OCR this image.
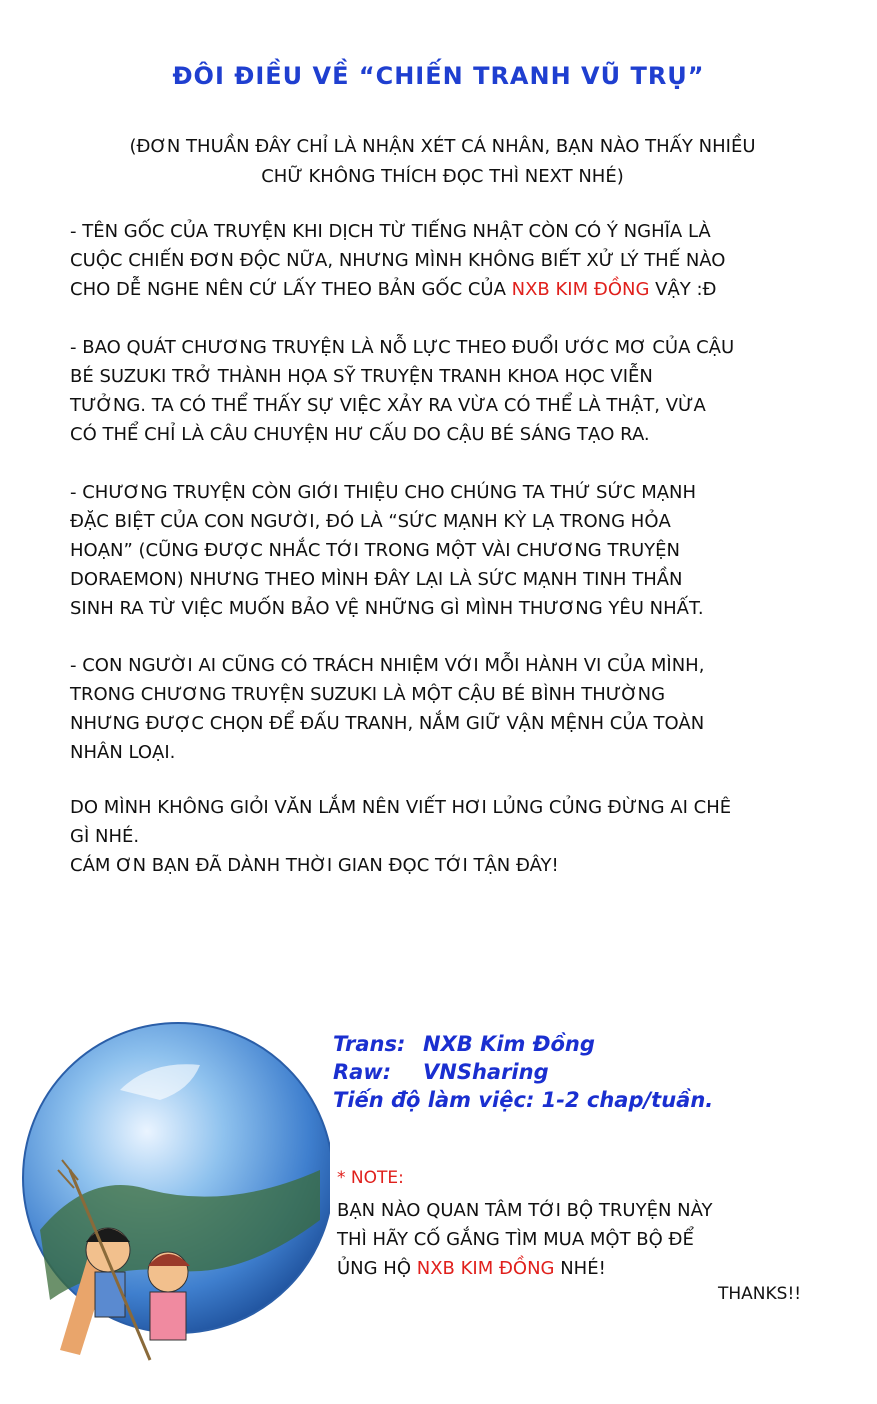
ĐÔI ĐIỀU VỀ “CHIẾN TRANH VŨ TRỤ”
(ĐƠN THUẦN ĐÂY CHỈ LÀ NHẬN XÉT CÁ NHÂN, BẠN NÀO THẤY NHIỀU
CHỮ KHÔNG THÍCH ĐỌC THÌ NEXT NHÉ)
- TÊN GỐC CỦA TRUYỆN KHI DỊCH TỪ TIẾNG NHẬT CÒN CÓ Ý NGHĨA LÀ
CUỘC CHIẾN ĐƠN ĐỘC NỮA, NHƯNG MÌNH KHÔNG BIẾT XỬ LÝ THẾ NÀO
CHO DỄ NGHE NÊN CỨ LẤY THEO BẢN GỐC CỦA NXB KIM ĐỒNG VẬY :Đ
- BAO QUÁT CHƯƠNG TRUYỆN LÀ NỖ LỰC THEO ĐUỔI ƯỚC MƠ CỦA CẬU
BÉ SUZUKI TRỞ THÀNH HỌA SỸ TRUYỆN TRANH KHOA HỌC VIỄN
TƯỞNG. TA CÓ THỂ THẤY SỰ VIỆC XẢY RA VỪA CÓ THỂ LÀ THẬT, VỪA
CÓ THỂ CHỈ LÀ CÂU CHUYỆN HƯ CẤU DO CẬU BÉ SÁNG TẠO RA.
- CHƯƠNG TRUYỆN CÒN GIỚI THIỆU CHO CHÚNG TA THỨ SỨC MẠNH
ĐẶC BIỆT CỦA CON NGƯỜI, ĐÓ LÀ “SỨC MẠNH KỲ LẠ TRONG HỎA
HOẠN” (CŨNG ĐƯỢC NHẮC TỚI TRONG MỘT VÀI CHƯƠNG TRUYỆN
DORAEMON) NHƯNG THEO MÌNH ĐÂY LẠI LÀ SỨC MẠNH TINH THẦN
SINH RA TỪ VIỆC MUỐN BẢO VỆ NHỮNG GÌ MÌNH THƯƠNG YÊU NHẤT.
- CON NGƯỜI AI CŨNG CÓ TRÁCH NHIỆM VỚI MỖI HÀNH VI CỦA MÌNH,
TRONG CHƯƠNG TRUYỆN SUZUKI LÀ MỘT CẬU BÉ BÌNH THƯỜNG
NHƯNG ĐƯỢC CHỌN ĐỂ ĐẤU TRANH, NẮM GIỮ VẬN MỆNH CỦA TOÀN
NHÂN LOẠI.
DO MÌNH KHÔNG GIỎI VĂN LẮM NÊN VIẾT HƠI LỦNG CỦNG ĐỪNG AI CHÊ
GÌ NHÉ.
CÁM ƠN BẠN ĐÃ DÀNH THỜI GIAN ĐỌC TỚI TẬN ĐÂY!
Trans: NXB Kim Đồng
Raw: VNSharing
Tiến độ làm việc: 1-2 chap/tuần.
* NOTE:
BẠN NÀO QUAN TÂM TỚI BỘ TRUYỆN NÀY
THÌ HÃY CỐ GẮNG TÌM MUA MỘT BỘ ĐỂ
ỦNG HỘ NXB KIM ĐỒNG NHÉ!
THANKS!!
